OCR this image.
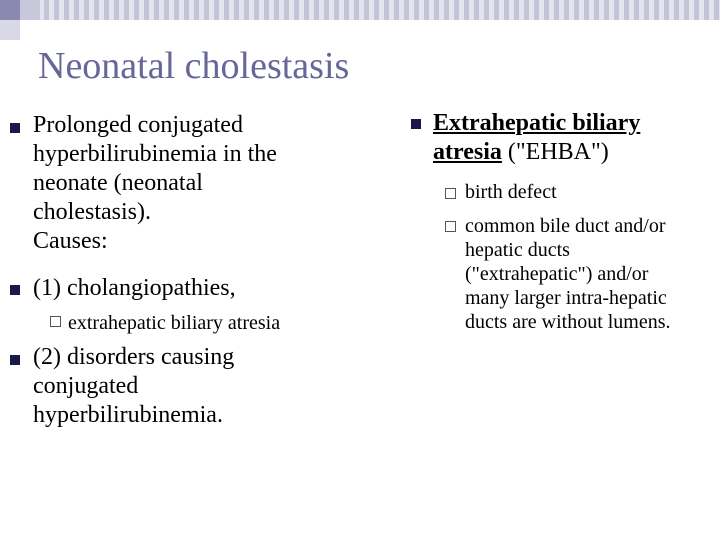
Neonatal cholestasis
Prolonged conjugated
hyperbilirubinemia in the
neonate (neonatal
cholestasis).
Causes:
(1) cholangiopathies,
extrahepatic biliary atresia
(2) disorders causing
conjugated
hyperbilirubinemia.
Extrahepatic biliary
atresia ("EHBA")
birth defect
common bile duct and/or
hepatic ducts
("extrahepatic") and/or
many larger intra-hepatic
ducts are without lumens.
